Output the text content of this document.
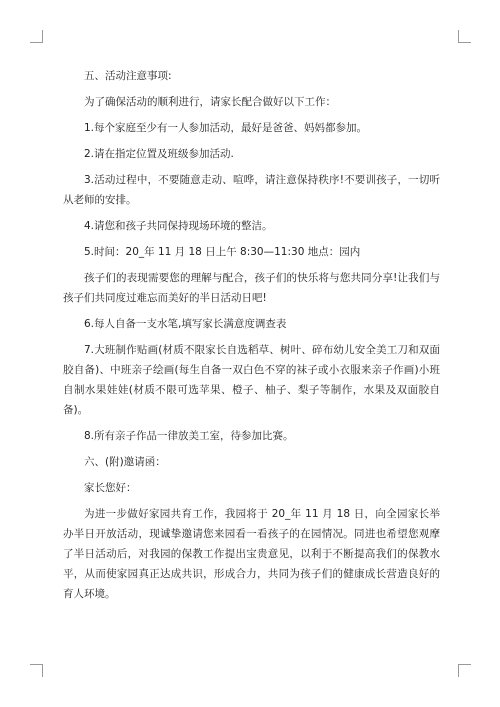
五、活动注意事项:

为了确保活动的顺利进行，请家长配合做好以下工作：

1.每个家庭至少有一人参加活动，最好是爸爸、妈妈都参加。

2.请在指定位置及班级参加活动.

3.活动过程中，不要随意走动、喧哗，请注意保持秩序!不要训孩子，一切听从老师的安排。

4.请您和孩子共同保持现场环境的整洁。

5.时间：20_年 11 月 18 日上午 8:30—11:30 地点：园内

孩子们的表现需要您的理解与配合，孩子们的快乐将与您共同分享!让我们与孩子们共同度过难忘而美好的半日活动日吧!

6.每人自备一支水笔,填写家长满意度调查表

7.大班制作贴画(材质不限家长自选稻草、树叶、碎布幼儿安全美工刀和双面胶自备)、中班亲子绘画(每生自备一双白色不穿的袜子或小衣服来亲子作画)小班自制水果娃娃(材质不限可选苹果、橙子、柚子、梨子等制作，水果及双面胶自备)。

8.所有亲子作品一律放美工室，待参加比赛。

六、(附)邀请函：

家长您好：

为进一步做好家园共育工作，我园将于 20_年 11 月 18 日，向全园家长举办半日开放活动，现诚挚邀请您来园看一看孩子的在园情况。同进也希望您观摩了半日活动后，对我园的保教工作提出宝贵意见，以利于不断提高我们的保教水平，从而使家园真正达成共识，形成合力，共同为孩子们的健康成长营造良好的育人环境。
